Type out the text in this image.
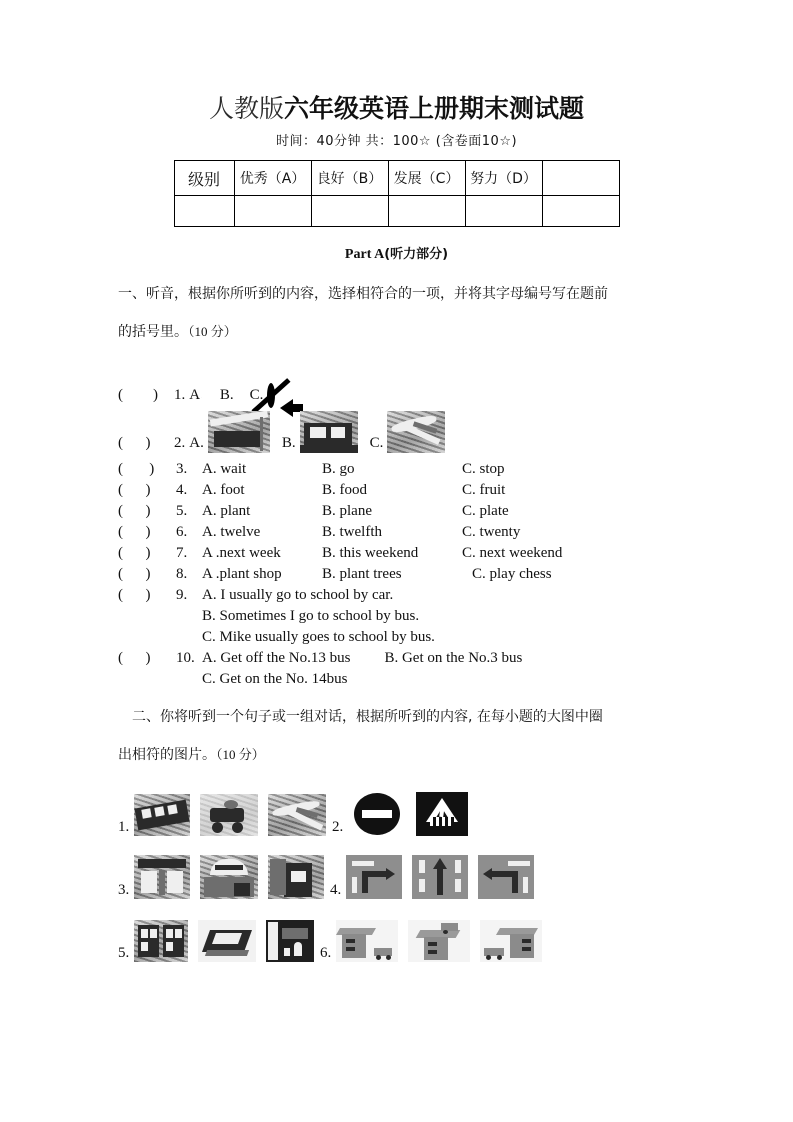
人教版六年级英语上册期末测试题
时间：40分钟 共：100☆ (含卷面10☆)
级别	优秀（A）	良好（B）	发展（C）	努力（D）	

Part A(听力部分)
一、听音，根据你所听到的内容，选择相符合的一项，并将其字母编号写在题前
的括号里。（10 分）
(        )	1. A. B. C.
(      )	2. A.	B.	C.
(       )	3. A. wait	B. go	C. stop
(      )	4. A. foot	B. food	C. fruit
(      )	5. A. plant	B. plane	C. plate
(      )	6. A. twelve	B. twelfth	C. twenty
(      )	7. A .next week	B. this weekend	C. next weekend
(      )	8. A .plant shop	B. plant trees	C. play chess
(      )	9. A. I usually go to school by car.
B. Sometimes I go to school by bus.
C. Mike usually goes to school by bus.
(      )	10. A. Get off the No.13 bus	B. Get on the No.3 bus
C. Get on the No. 14bus
二、你将听到一个句子或一组对话，根据所听到的内容, 在每小题的大图中圈
出相符的图片。（10 分）
1.	2.
3.	4.
5.	6.
